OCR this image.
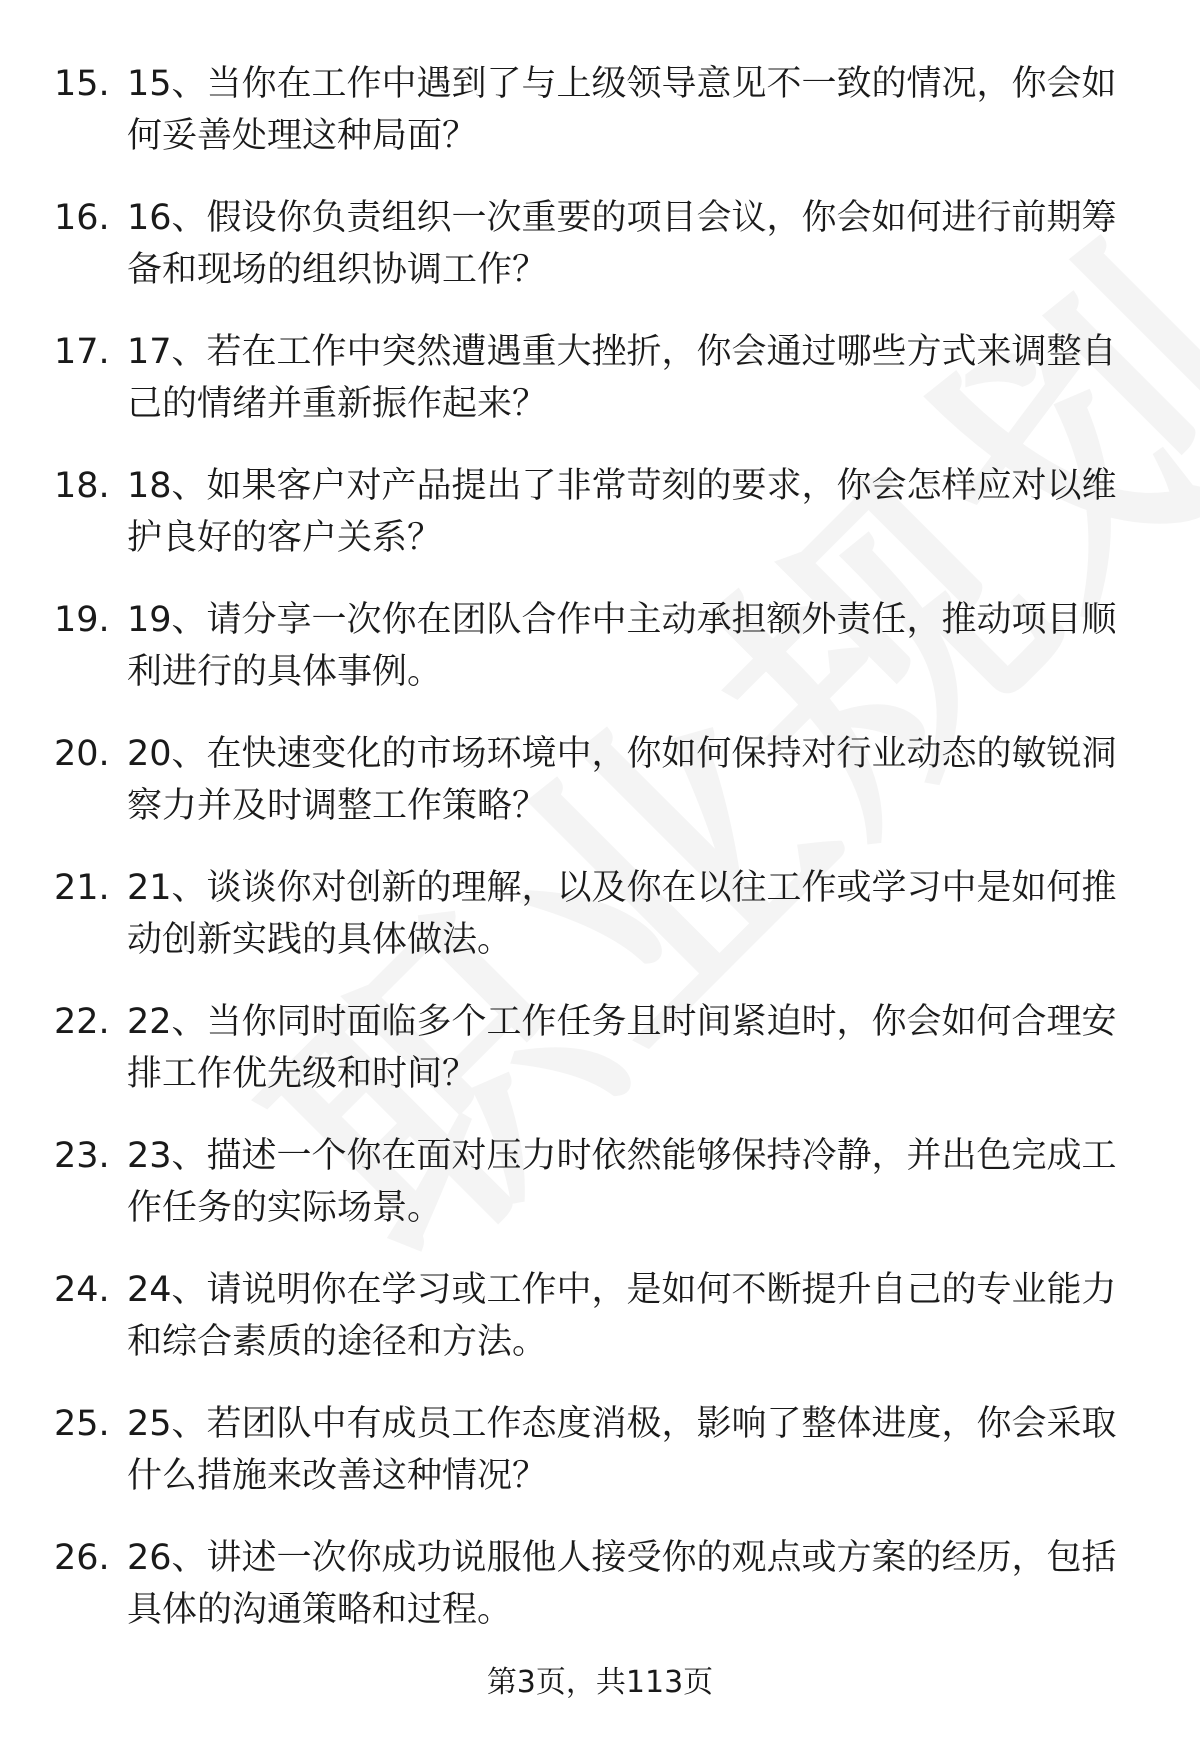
15. 15、当你在工作中遇到了与上级领导意见不一致的情况，你会如何妥善处理这种局面？
16. 16、假设你负责组织一次重要的项目会议，你会如何进行前期筹备和现场的组织协调工作？
17. 17、若在工作中突然遭遇重大挫折，你会通过哪些方式来调整自己的情绪并重新振作起来？
18. 18、如果客户对产品提出了非常苛刻的要求，你会怎样应对以维护良好的客户关系？
19. 19、请分享一次你在团队合作中主动承担额外责任，推动项目顺利进行的具体事例。
20. 20、在快速变化的市场环境中，你如何保持对行业动态的敏锐洞察力并及时调整工作策略？
21. 21、谈谈你对创新的理解，以及你在以往工作或学习中是如何推动创新实践的具体做法。
22. 22、当你同时面临多个工作任务且时间紧迫时，你会如何合理安排工作优先级和时间？
23. 23、描述一个你在面对压力时依然能够保持冷静，并出色完成工作任务的实际场景。
24. 24、请说明你在学习或工作中，是如何不断提升自己的专业能力和综合素质的途径和方法。
25. 25、若团队中有成员工作态度消极，影响了整体进度，你会采取什么措施来改善这种情况？
26. 26、讲述一次你成功说服他人接受你的观点或方案的经历，包括具体的沟通策略和过程。
第3页，共113页
